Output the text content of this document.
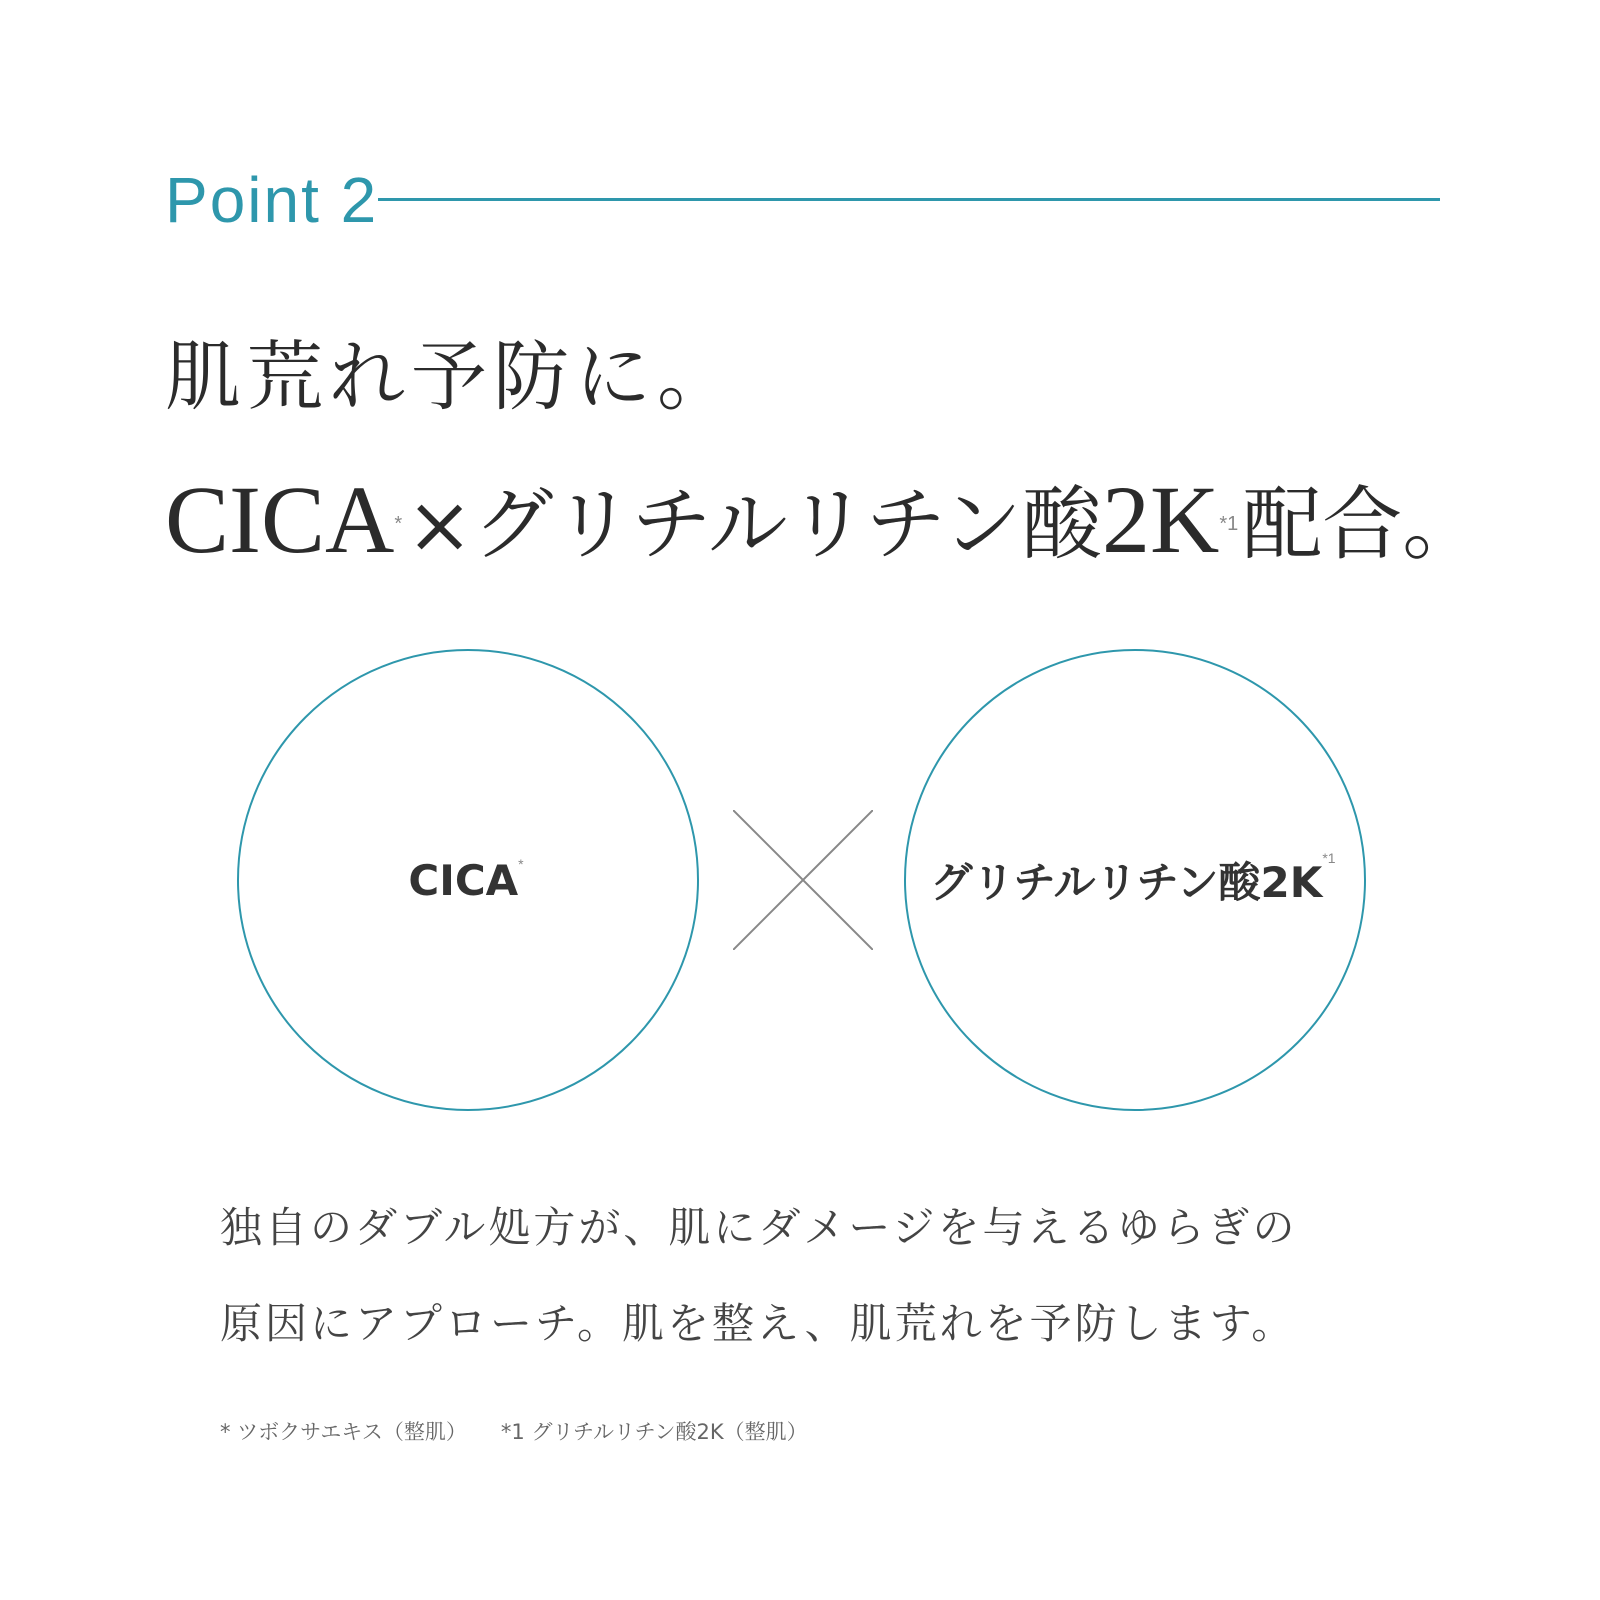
Point 2
肌荒れ予防に。
CICA*×グリチルリチン酸$2K^{*1}$配合。
CICA*	グリチルリチン酸$2K^{*1}$
独自のダブル処方が、肌にダメージを与えるゆらぎの
原因にアプローチ。肌を整え、肌荒れを予防します。
* ツボクサエキス（整肌） *1 グリチルリチン酸2K（整肌）
